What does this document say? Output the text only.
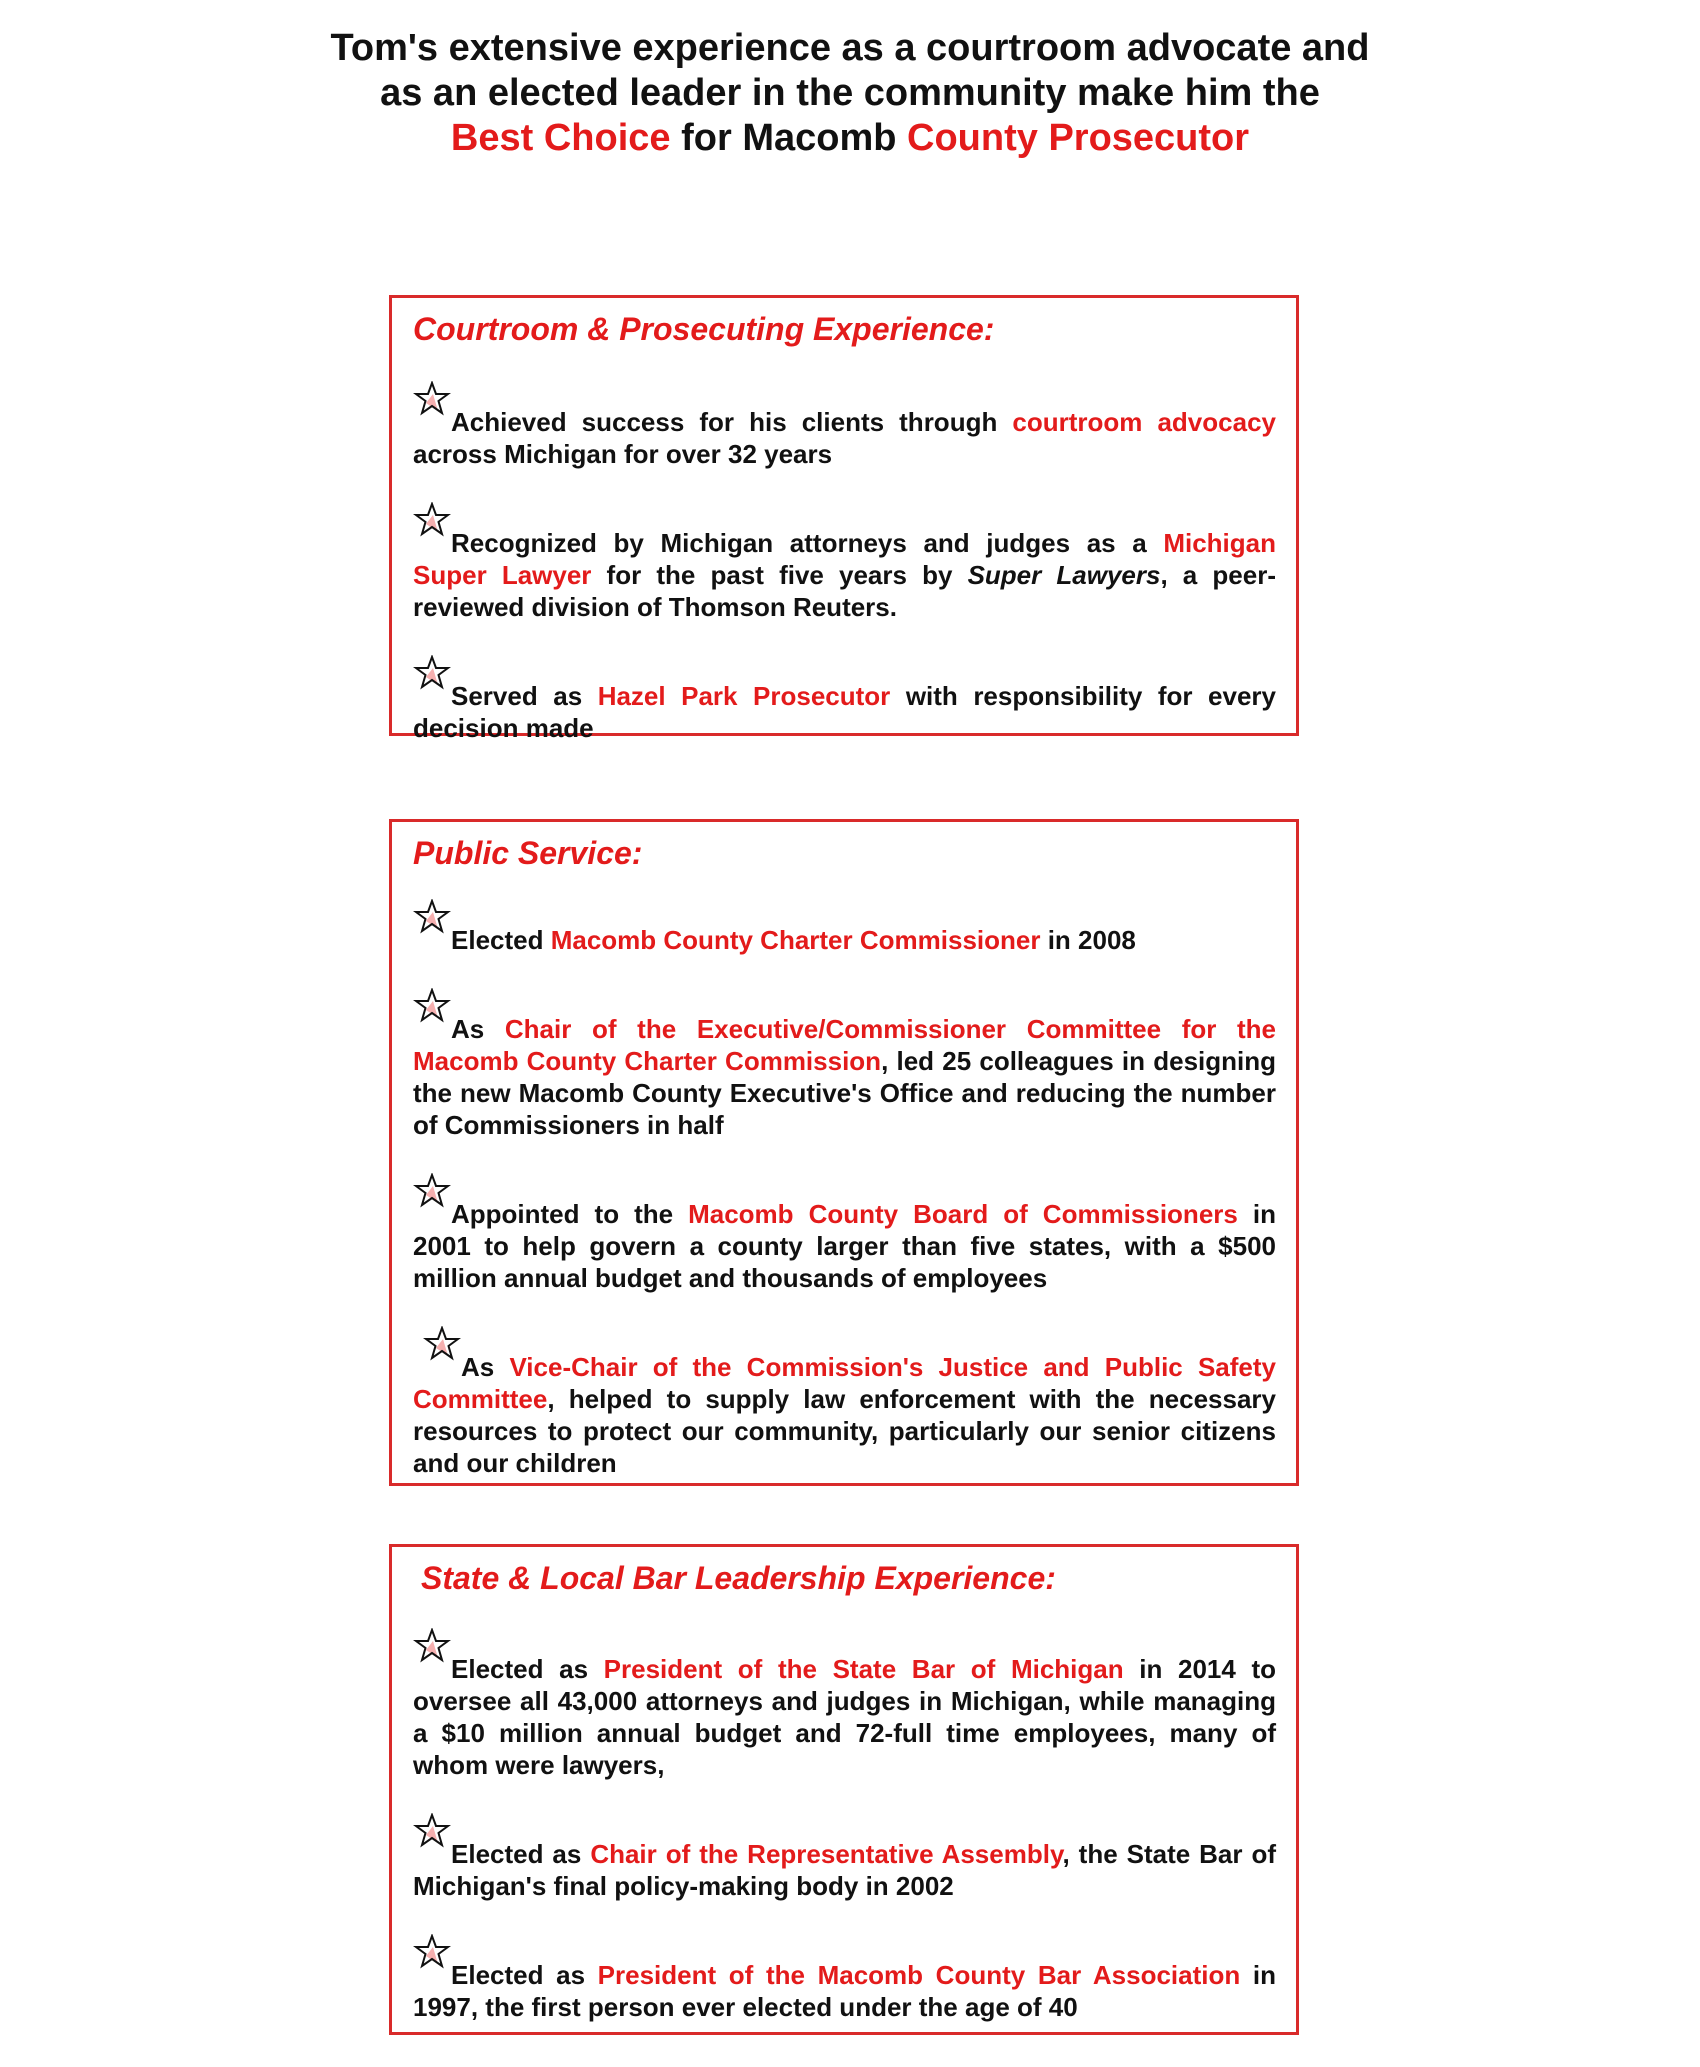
Tom's extensive experience as a courtroom advocate and
as an elected leader in the community make him the
Best Choice for Macomb County Prosecutor
Courtroom & Prosecuting Experience:
Achieved success for his clients through courtroom advocacy across Michigan for over 32 years
Recognized by Michigan attorneys and judges as a Michigan Super Lawyer for the past five years by Super Lawyers, a peer-reviewed division of Thomson Reuters.
Served as Hazel Park Prosecutor with responsibility for every decision made
Public Service:
Elected Macomb County Charter Commissioner in 2008
As Chair of the Executive/Commissioner Committee for the Macomb County Charter Commission, led 25 colleagues in designing the new Macomb County Executive's Office and reducing the number of Commissioners in half
Appointed to the Macomb County Board of Commissioners in 2001 to help govern a county larger than five states, with a $500 million annual budget and thousands of employees
As Vice-Chair of the Commission's Justice and Public Safety Committee, helped to supply law enforcement with the necessary resources to protect our community, particularly our senior citizens and our children
State & Local Bar Leadership Experience:
Elected as President of the State Bar of Michigan in 2014 to oversee all 43,000 attorneys and judges in Michigan, while managing a $10 million annual budget and 72-full time employees, many of whom were lawyers,
Elected as Chair of the Representative Assembly, the State Bar of Michigan's final policy-making body in 2002
Elected as President of the Macomb County Bar Association in 1997, the first person ever elected under the age of 40
